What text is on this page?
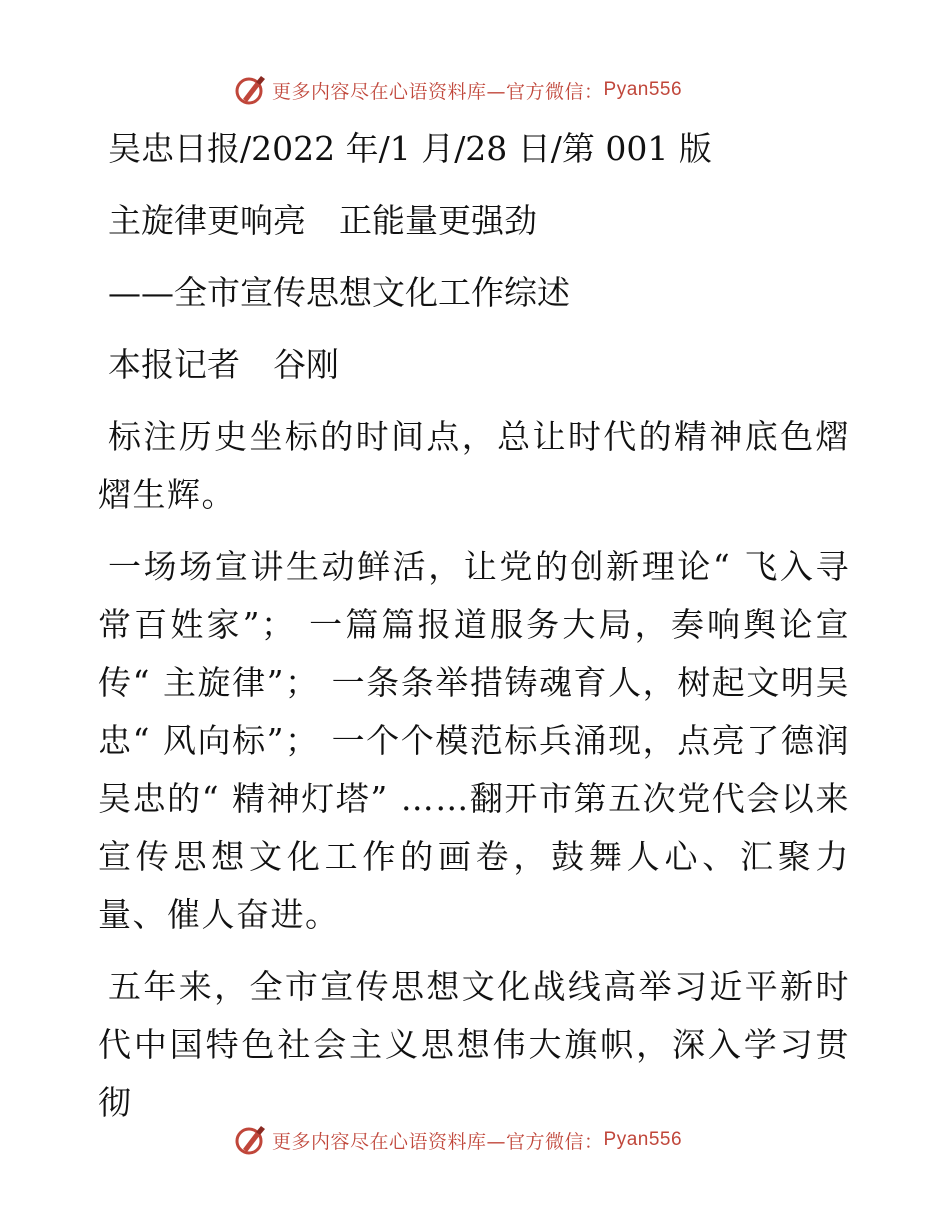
更多内容尽在心语资料库—官方微信： Pyan556
吴忠日报/2022 年/1 月/28 日/第 001 版
主旋律更响亮　正能量更强劲
——全市宣传思想文化工作综述
本报记者　谷刚

标注历史坐标的时间点，总让时代的精神底色熠熠生辉。

一场场宣讲生动鲜活，让党的创新理论“ 飞入寻常百姓家”； 一篇篇报道服务大局，奏响舆论宣传“ 主旋律”； 一条条举措铸魂育人，树起文明吴忠“ 风向标”； 一个个模范标兵涌现，点亮了德润吴忠的“ 精神灯塔” ……翻开市第五次党代会以来宣传思想文化工作的画卷，鼓舞人心、汇聚力量、催人奋进。

五年来，全市宣传思想文化战线高举习近平新时代中国特色社会主义思想伟大旗帜，深入学习贯彻

更多内容尽在心语资料库—官方微信： Pyan556
